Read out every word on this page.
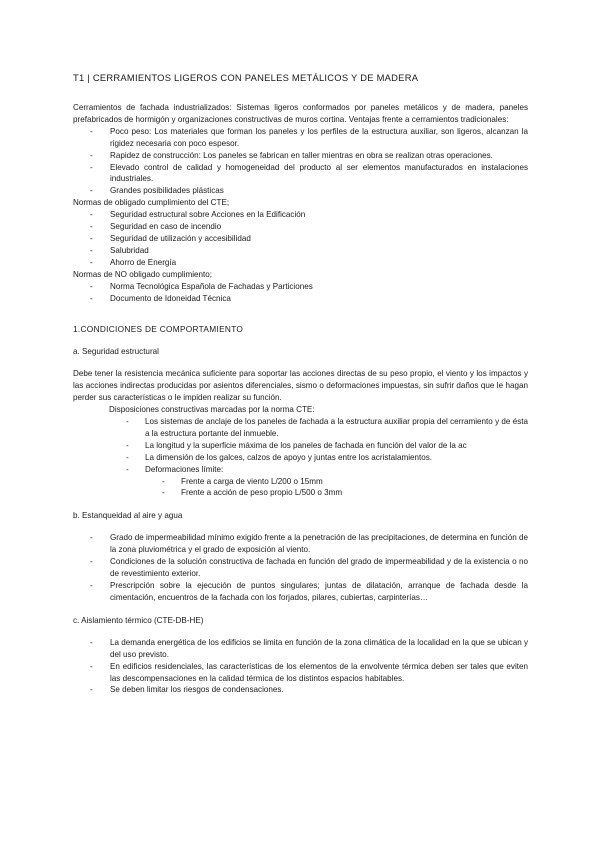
T1 | CERRAMIENTOS LIGEROS CON PANELES METÁLICOS Y DE MADERA

Cerramientos de fachada industrializados: Sistemas ligeros conformados por paneles metálicos y de madera, paneles prefabricados de hormigón y organizaciones constructivas de muros cortina. Ventajas frente a cerramientos tradicionales:

- Poco peso: Los materiales que forman los paneles y los perfiles de la estructura auxiliar, son ligeros, alcanzan la rigidez necesaria con poco espesor.
- Rapidez de construcción: Los paneles se fabrican en taller mientras en obra se realizan otras operaciones.
- Elevado control de calidad y homogeneidad del producto al ser elementos manufacturados en instalaciones industriales.
- Grandes posibilidades plásticas

Normas de obligado cumplimiento del CTE;

- Seguridad estructural sobre Acciones en la Edificación
- Seguridad en caso de incendio
- Seguridad de utilización y accesibilidad
- Salubridad
- Ahorro de Energía

Normas de NO obligado cumplimiento;

- Norma Tecnológica Española de Fachadas y Particiones
- Documento de Idoneidad Técnica
1.CONDICIONES DE COMPORTAMIENTO
a. Seguridad estructural

Debe tener la resistencia mecánica suficiente para soportar las acciones directas de su peso propio, el viento y los impactos y las acciones indirectas producidas por asientos diferenciales, sismo o deformaciones impuestas, sin sufrir daños que le hagan perder sus características o le impiden realizar su función.

Disposiciones constructivas marcadas por la norma CTE:

- Los sistemas de anclaje de los paneles de fachada a la estructura auxiliar propia del cerramiento y de ésta a la estructura portante del inmueble.
- La longitud y la superficie máxima de los paneles de fachada en función del valor de la ac
- La dimensión de los galces, calzos de apoyo y juntas entre los acristalamientos.
- Deformaciones límite:
- Frente a carga de viento L/200 o 15mm
- Frente a acción de peso propio L/500 o 3mm
b. Estanqueidad al aire y agua
- Grado de impermeabilidad mínimo exigido frente a la penetración de las precipitaciones, de determina en función de la zona pluviométrica y el grado de exposición al viento.
- Condiciones de la solución constructiva de fachada en función del grado de impermeabilidad y de la existencia o no de revestimiento exterior.
- Prescripción sobre la ejecución de puntos singulares; juntas de dilatación, arranque de fachada desde la cimentación, encuentros de la fachada con los forjados, pilares, cubiertas, carpinterías…
c. Aislamiento térmico (CTE-DB-HE)
- La demanda energética de los edificios se limita en función de la zona climática de la localidad en la que se ubican y del uso previsto.
- En edificios residenciales, las características de los elementos de la envolvente térmica deben ser tales que eviten las descompensaciones en la calidad térmica de los distintos espacios habitables.
- Se deben limitar los riesgos de condensaciones.
